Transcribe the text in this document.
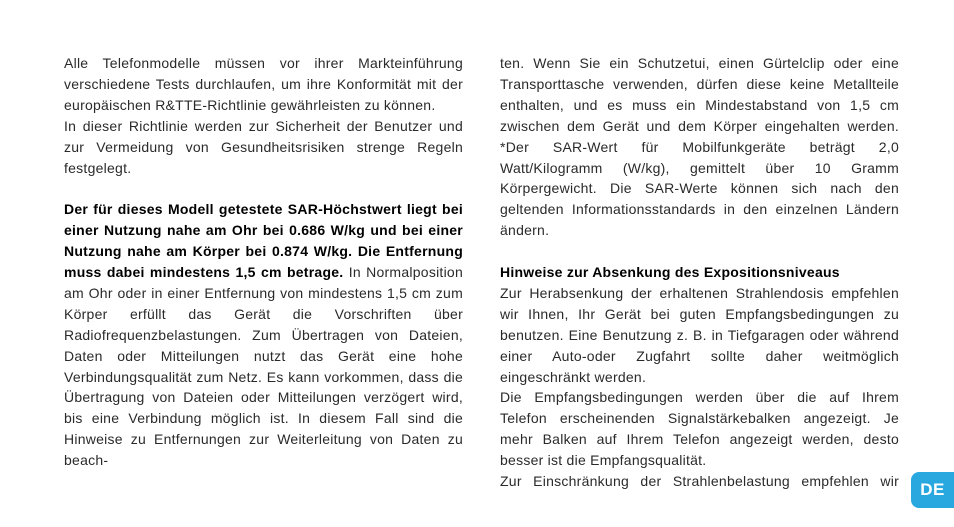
Alle Telefonmodelle müssen vor ihrer Markteinführung verschiedene Tests durchlaufen, um ihre Konformität mit der europäischen R&TTE-Richtlinie gewährleisten zu können.

In dieser Richtlinie werden zur Sicherheit der Benutzer und zur Vermeidung von Gesundheitsrisiken strenge Regeln festgelegt.

Der für dieses Modell getestete SAR-Höchstwert liegt bei einer Nutzung nahe am Ohr bei 0.686 W/kg und bei einer Nutzung nahe am Körper bei 0.874 W/kg. Die Entfernung muss dabei mindestens 1,5 cm betrage. In Normalposition am Ohr oder in einer Entfernung von mindestens 1,5 cm zum Körper erfüllt das Gerät die Vorschriften über Radiofrequenzbelastungen. Zum Übertragen von Dateien, Daten oder Mitteilungen nutzt das Gerät eine hohe Verbindungsqualität zum Netz. Es kann vorkommen, dass die Übertragung von Dateien oder Mitteilungen verzögert wird, bis eine Verbindung möglich ist. In diesem Fall sind die Hinweise zu Entfernungen zur Weiterleitung von Daten zu beach-

ten. Wenn Sie ein Schutzetui, einen Gürtelclip oder eine Transporttasche verwenden, dürfen diese keine Metallteile enthalten, und es muss ein Mindestabstand von 1,5 cm zwischen dem Gerät und dem Körper eingehalten werden. *Der SAR-Wert für Mobilfunkgeräte beträgt 2,0 Watt/Kilogramm (W/kg), gemittelt über 10 Gramm Körpergewicht. Die SAR-Werte können sich nach den geltenden Informationsstandards in den einzelnen Ländern ändern.

Hinweise zur Absenkung des Expositionsniveaus

Zur Herabsenkung der erhaltenen Strahlendosis empfehlen wir Ihnen, Ihr Gerät bei guten Empfangsbedingungen zu benutzen. Eine Benutzung z. B. in Tiefgaragen oder während einer Auto-oder Zugfahrt sollte daher weitmöglich eingeschränkt werden.

Die Empfangsbedingungen werden über die auf Ihrem Telefon erscheinenden Signalstärkebalken angezeigt. Je mehr Balken auf Ihrem Telefon angezeigt werden, desto besser ist die Empfangsqualität.

Zur Einschränkung der Strahlenbelastung empfehlen wir	DE
